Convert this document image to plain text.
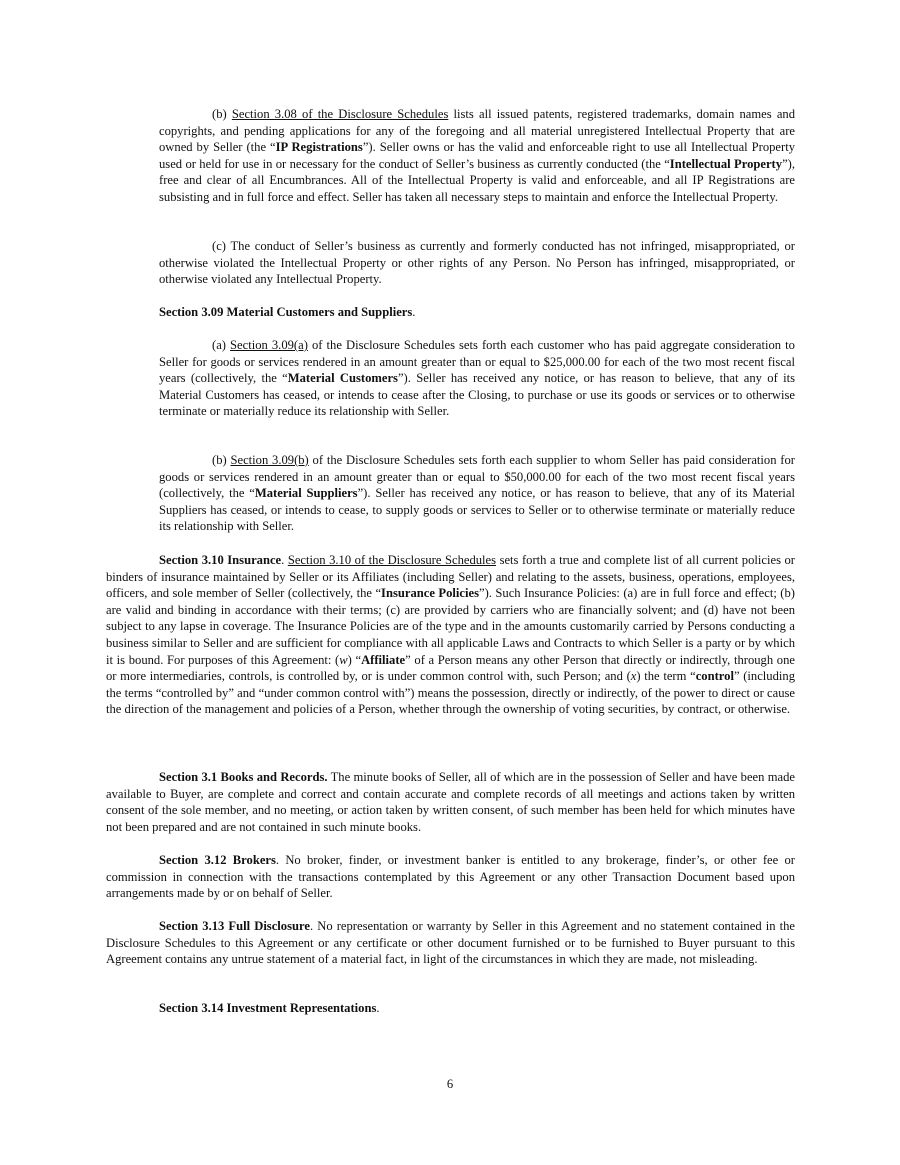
(b) Section 3.08 of the Disclosure Schedules lists all issued patents, registered trademarks, domain names and copyrights, and pending applications for any of the foregoing and all material unregistered Intellectual Property that are owned by Seller (the “IP Registrations”). Seller owns or has the valid and enforceable right to use all Intellectual Property used or held for use in or necessary for the conduct of Seller’s business as currently conducted (the “Intellectual Property”), free and clear of all Encumbrances. All of the Intellectual Property is valid and enforceable, and all IP Registrations are subsisting and in full force and effect. Seller has taken all necessary steps to maintain and enforce the Intellectual Property.

(c) The conduct of Seller’s business as currently and formerly conducted has not infringed, misappropriated, or otherwise violated the Intellectual Property or other rights of any Person. No Person has infringed, misappropriated, or otherwise violated any Intellectual Property.

Section 3.09 Material Customers and Suppliers.

(a) Section 3.09(a) of the Disclosure Schedules sets forth each customer who has paid aggregate consideration to Seller for goods or services rendered in an amount greater than or equal to $25,000.00 for each of the two most recent fiscal years (collectively, the “Material Customers”). Seller has received any notice, or has reason to believe, that any of its Material Customers has ceased, or intends to cease after the Closing, to purchase or use its goods or services or to otherwise terminate or materially reduce its relationship with Seller.

(b) Section 3.09(b) of the Disclosure Schedules sets forth each supplier to whom Seller has paid consideration for goods or services rendered in an amount greater than or equal to $50,000.00 for each of the two most recent fiscal years (collectively, the “Material Suppliers”). Seller has received any notice, or has reason to believe, that any of its Material Suppliers has ceased, or intends to cease, to supply goods or services to Seller or to otherwise terminate or materially reduce its relationship with Seller.

Section 3.10 Insurance. Section 3.10 of the Disclosure Schedules sets forth a true and complete list of all current policies or binders of insurance maintained by Seller or its Affiliates (including Seller) and relating to the assets, business, operations, employees, officers, and sole member of Seller (collectively, the “Insurance Policies”). Such Insurance Policies: (a) are in full force and effect; (b) are valid and binding in accordance with their terms; (c) are provided by carriers who are financially solvent; and (d) have not been subject to any lapse in coverage. The Insurance Policies are of the type and in the amounts customarily carried by Persons conducting a business similar to Seller and are sufficient for compliance with all applicable Laws and Contracts to which Seller is a party or by which it is bound. For purposes of this Agreement: (w) “Affiliate” of a Person means any other Person that directly or indirectly, through one or more intermediaries, controls, is controlled by, or is under common control with, such Person; and (x) the term “control” (including the terms “controlled by” and “under common control with”) means the possession, directly or indirectly, of the power to direct or cause the direction of the management and policies of a Person, whether through the ownership of voting securities, by contract, or otherwise.

Section 3.1 Books and Records. The minute books of Seller, all of which are in the possession of Seller and have been made available to Buyer, are complete and correct and contain accurate and complete records of all meetings and actions taken by written consent of the sole member, and no meeting, or action taken by written consent, of such member has been held for which minutes have not been prepared and are not contained in such minute books.

Section 3.12 Brokers. No broker, finder, or investment banker is entitled to any brokerage, finder’s, or other fee or commission in connection with the transactions contemplated by this Agreement or any other Transaction Document based upon arrangements made by or on behalf of Seller.

Section 3.13 Full Disclosure. No representation or warranty by Seller in this Agreement and no statement contained in the Disclosure Schedules to this Agreement or any certificate or other document furnished or to be furnished to Buyer pursuant to this Agreement contains any untrue statement of a material fact, in light of the circumstances in which they are made, not misleading.

Section 3.14 Investment Representations.

6
